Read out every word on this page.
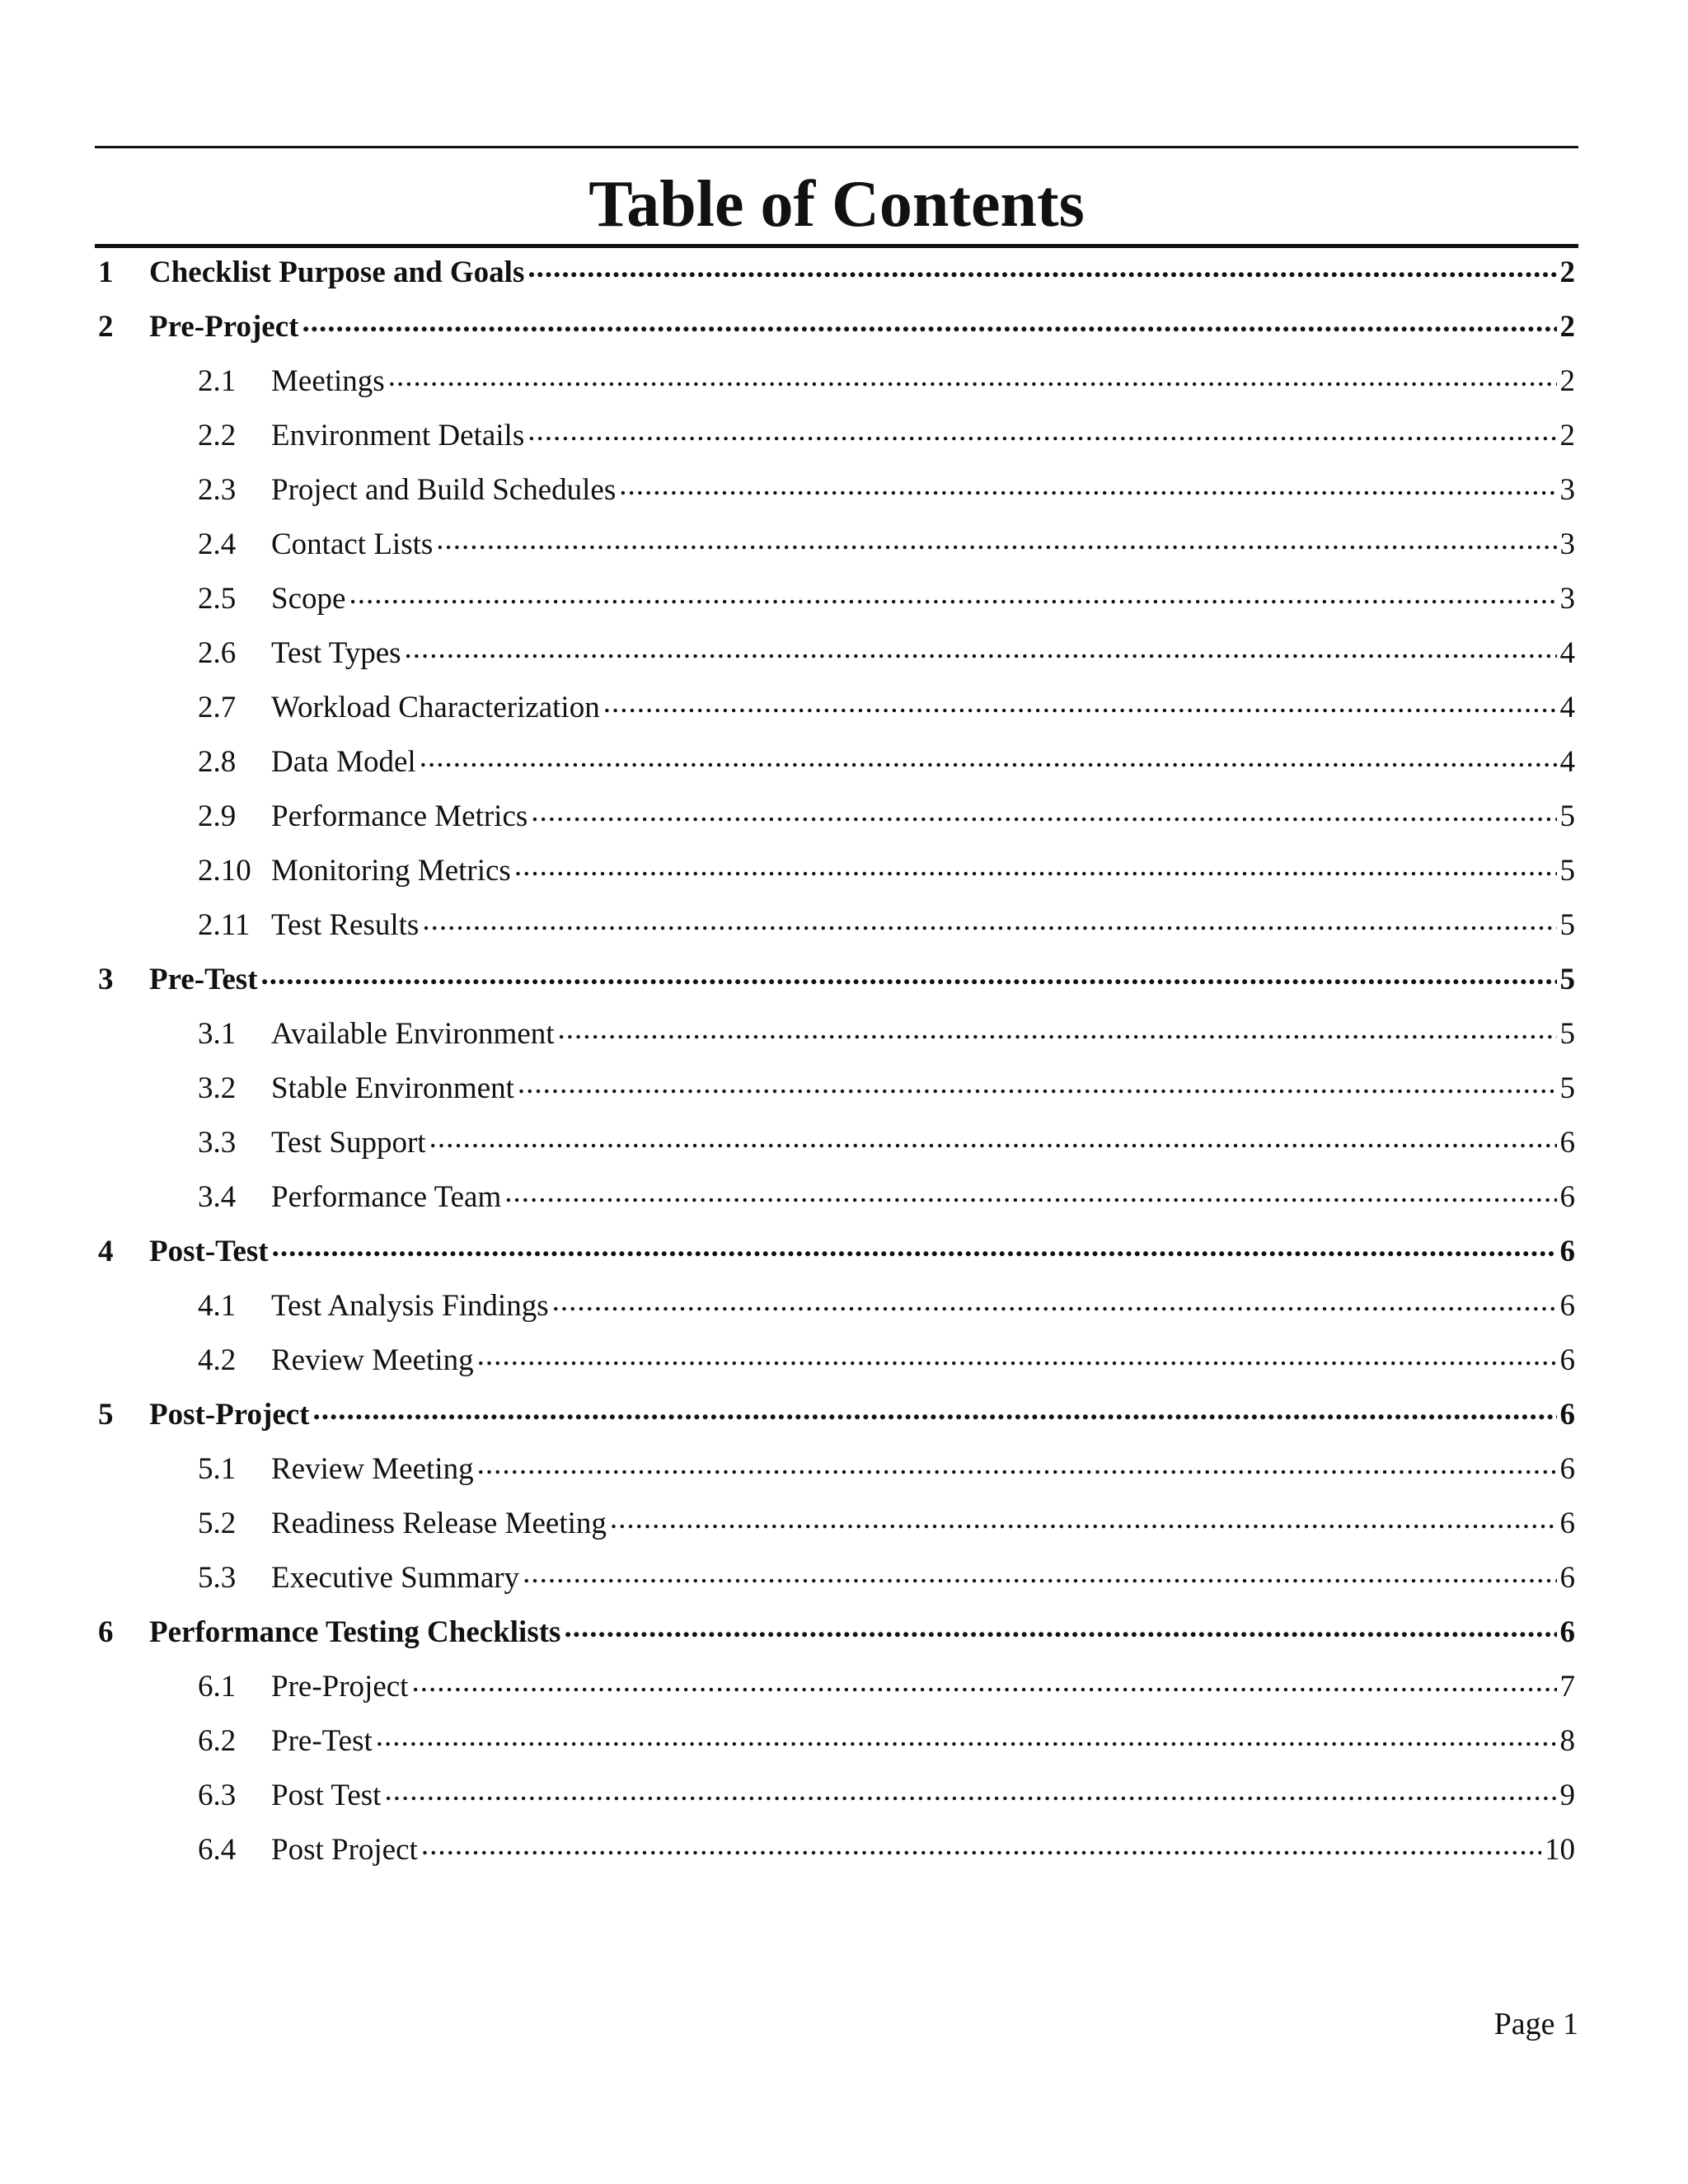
Table of Contents
1	Checklist Purpose and Goals .....	2
2	Pre-Project .....	2
2.1	Meetings .....	2
2.2	Environment Details .....	2
2.3	Project and Build Schedules .....	3
2.4	Contact Lists .....	3
2.5	Scope .....	3
2.6	Test Types .....	4
2.7	Workload Characterization .....	4
2.8	Data Model .....	4
2.9	Performance Metrics .....	5
2.10 Monitoring Metrics .....	5
2.11 Test Results .....	5
3	Pre-Test .....	5
3.1	Available Environment .....	5
3.2	Stable Environment .....	5
3.3	Test Support .....	6
3.4	Performance Team .....	6
4	Post-Test .....	6
4.1	Test Analysis Findings .....	6
4.2	Review Meeting .....	6
5	Post-Project .....	6
5.1	Review Meeting .....	6
5.2	Readiness Release Meeting .....	6
5.3	Executive Summary .....	6
6	Performance Testing Checklists .....	6
6.1	Pre-Project .....	7
6.2	Pre-Test .....	8
6.3	Post Test .....	9
6.4	Post Project .....	10
Page 1
